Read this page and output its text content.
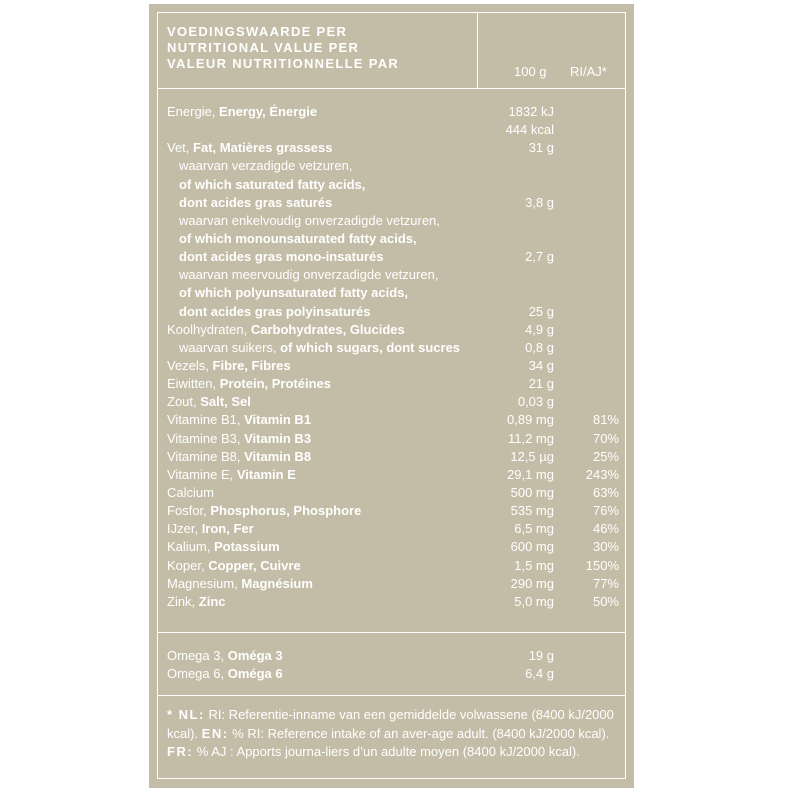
VOEDINGSWAARDE PER
NUTRITIONAL VALUE PER
VALEUR NUTRITIONNELLE PAR

100 g RI/AJ*
Energie, Energy, Énergie	1832 kJ
444 kcal
Vet, Fat, Matières grassess	31 g
waarvan verzadigde vetzuren,
of which saturated fatty acids,
dont acides gras saturés	3,8 g
waarvan enkelvoudig onverzadigde vetzuren,
of which monounsaturated fatty acids,
dont acides gras mono-insaturés	2,7 g
waarvan meervoudig onverzadigde vetzuren,
of which polyunsaturated fatty acids,
dont acides gras polyinsaturés	25 g
Koolhydraten, Carbohydrates, Glucides	4,9 g
waarvan suikers, of which sugars, dont sucres	0,8 g
Vezels, Fibre, Fibres	34 g
Eiwitten, Protein, Protéines	21 g
Zout, Salt, Sel	0,03 g
Vitamine B1, Vitamin B1	0,89 mg	81%
Vitamine B3, Vitamin B3	11,2 mg	70%
Vitamine B8, Vitamin B8	12,5 µg	25%
Vitamine E, Vitamin E	29,1 mg	243%
Calcium	500 mg	63%
Fosfor, Phosphorus, Phosphore	535 mg	76%
IJzer, Iron, Fer	6,5 mg	46%
Kalium, Potassium	600 mg	30%
Koper, Copper, Cuivre	1,5 mg	150%
Magnesium, Magnésium	290 mg	77%
Zink, Zinc	5,0 mg	50%
Omega 3, Oméga 3	19 g
Omega 6, Oméga 6	6,4 g

* NL: RI: Referentie-inname van een gemiddelde volwassene (8400 kJ/2000 kcal). EN: % RI: Reference intake of an aver-age adult. (8400 kJ/2000 kcal). FR: % AJ : Apports journa-liers d’un adulte moyen (8400 kJ/2000 kcal).
